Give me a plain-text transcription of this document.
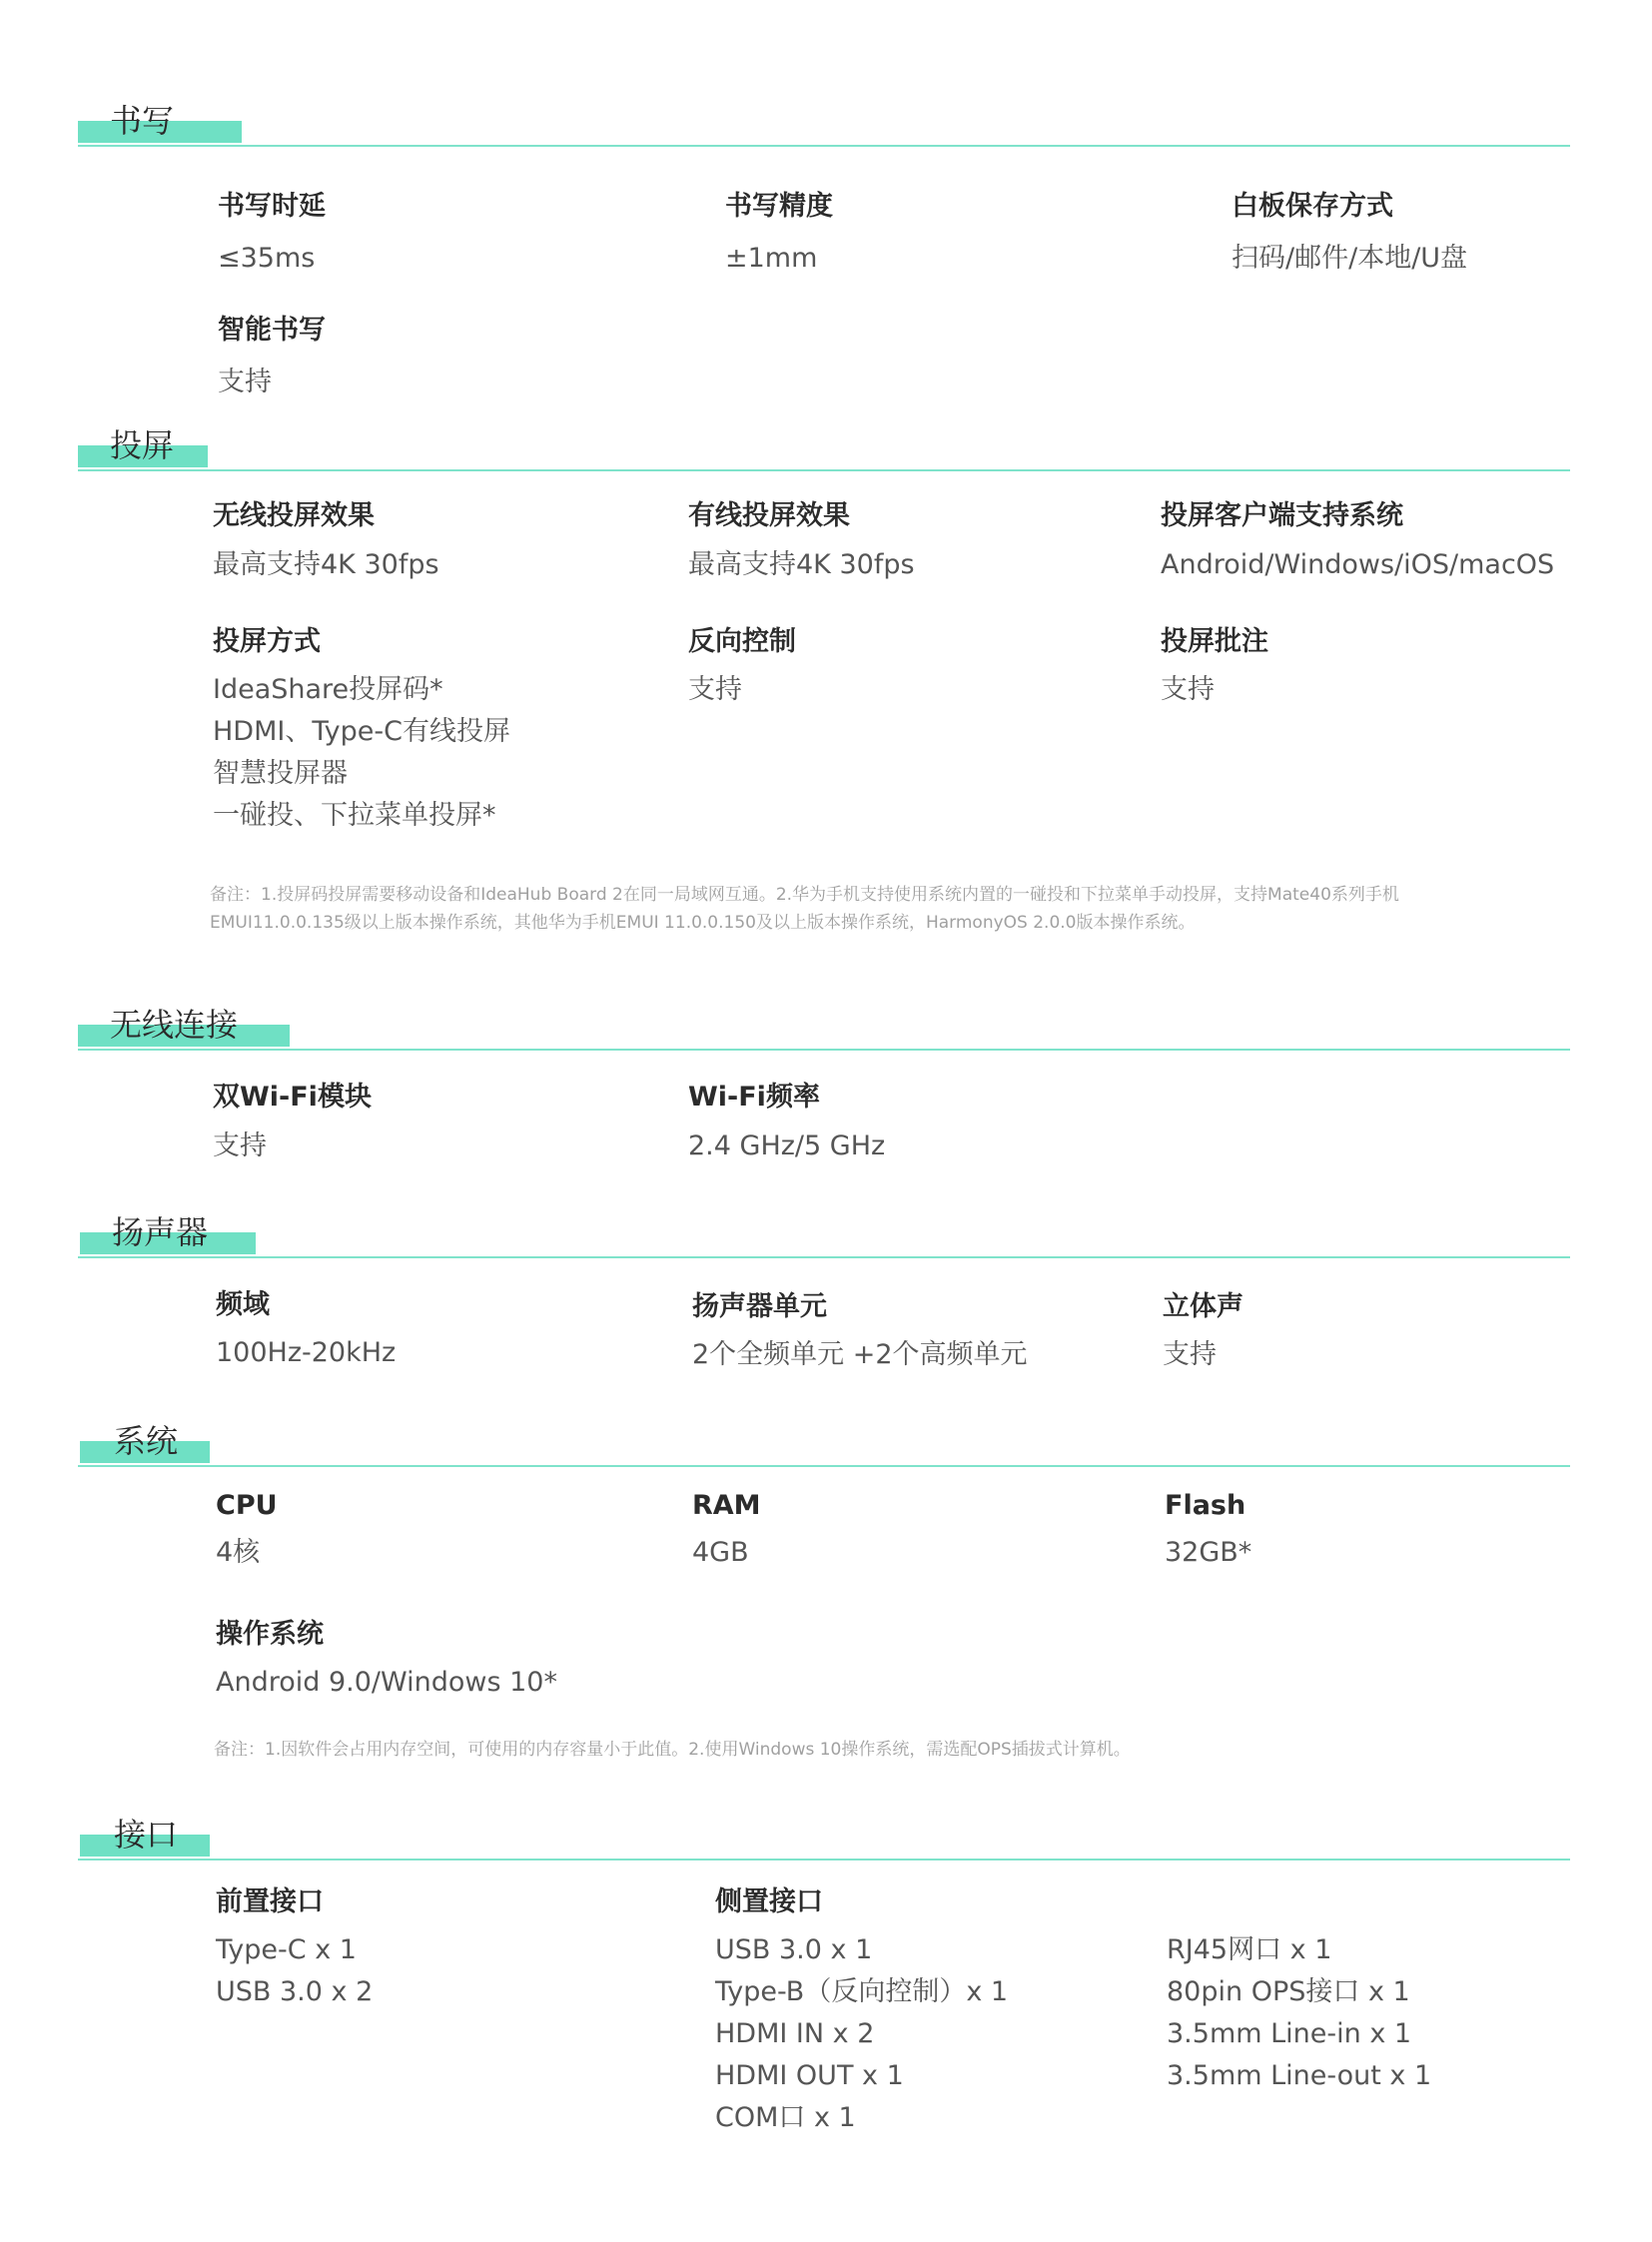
书写
书写时延
≤35ms
书写精度
±1mm
白板保存方式
扫码/邮件/本地/U盘
智能书写
支持
投屏
无线投屏效果
最高支持4K 30fps
有线投屏效果
最高支持4K 30fps
投屏客户端支持系统
Android/Windows/iOS/macOS
投屏方式
IdeaShare投屏码*
HDMI、Type-C有线投屏
智慧投屏器
一碰投、下拉菜单投屏*
反向控制
支持
投屏批注
支持
备注：1.投屏码投屏需要移动设备和IdeaHub Board 2在同一局域网互通。2.华为手机支持使用系统内置的一碰投和下拉菜单手动投屏，支持Mate40系列手机
EMUI11.0.0.135级以上版本操作系统，其他华为手机EMUI 11.0.0.150及以上版本操作系统，HarmonyOS 2.0.0版本操作系统。
无线连接
双Wi-Fi模块
支持
Wi-Fi频率
2.4 GHz/5 GHz
扬声器
频域
100Hz-20kHz
扬声器单元
2个全频单元 +2个高频单元
立体声
支持
系统
CPU
4核
RAM
4GB
Flash
32GB*
操作系统
Android 9.0/Windows 10*
备注：1.因软件会占用内存空间，可使用的内存容量小于此值。2.使用Windows 10操作系统，需选配OPS插拔式计算机。
接口
前置接口
Type-C x 1
USB 3.0 x 2
侧置接口
USB 3.0 x 1
Type-B（反向控制）x 1
HDMI IN x 2
HDMI OUT x 1
COM口 x 1
RJ45网口 x 1
80pin OPS接口 x 1
3.5mm Line-in x 1
3.5mm Line-out x 1
